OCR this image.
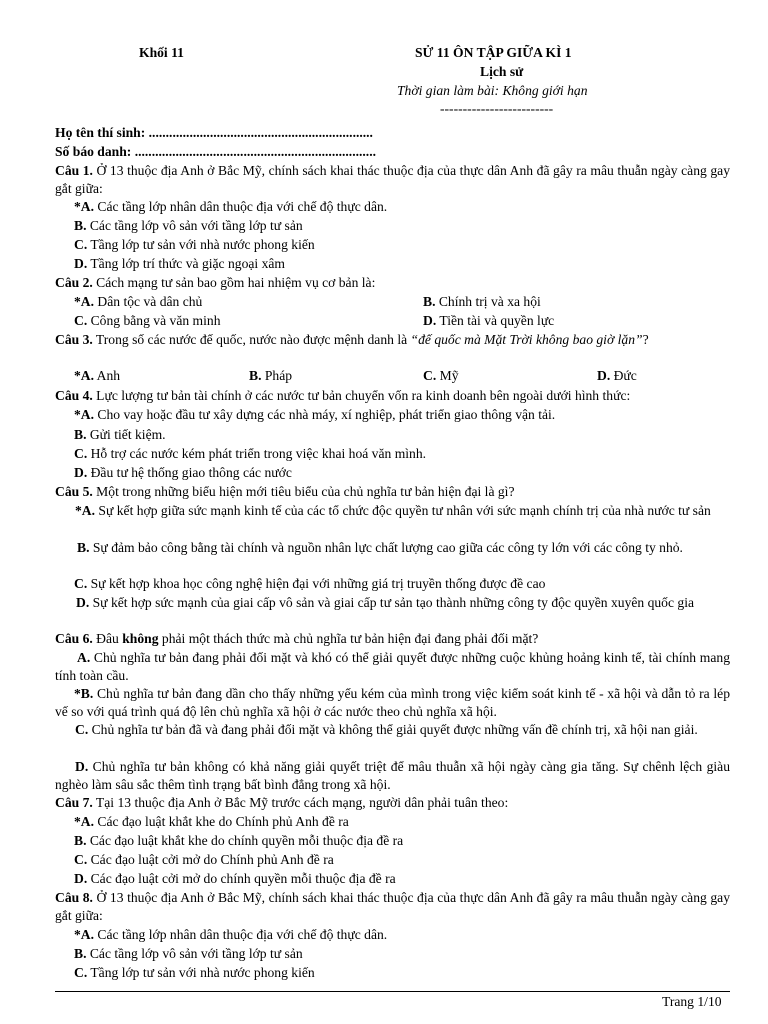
Khối 11	SỬ 11 ÔN TẬP GIỮA KÌ 1
Lịch sử
Thời gian làm bài: Không giới hạn
-------------------------
Họ tên thí sinh: ..................................................................
Số báo danh: .......................................................................
Câu 1. Ở 13 thuộc địa Anh ở Bắc Mỹ, chính sách khai thác thuộc địa của thực dân Anh đã gây ra mâu thuẫn ngày càng gay gắt giữa:
*A. Các tầng lớp nhân dân thuộc địa với chế độ thực dân.
B. Các tầng lớp vô sản với tầng lớp tư sản
C. Tầng lớp tư sản với nhà nước phong kiến
D. Tầng lớp trí thức và giặc ngoại xâm
Câu 2. Cách mạng tư sản bao gồm hai nhiệm vụ cơ bản là:
*A. Dân tộc và dân chủ	B. Chính trị và xa hội
C. Công bằng và văn minh	D. Tiền tài và quyền lực
Câu 3. Trong số các nước đế quốc, nước nào được mệnh danh là “đế quốc mà Mặt Trời không bao giờ lặn”?
*A. Anh	B. Pháp	C. Mỹ	D. Đức
Câu 4. Lực lượng tư bản tài chính ở các nước tư bản chuyển vốn ra kinh doanh bên ngoài dưới hình thức:
*A. Cho vay hoặc đầu tư xây dựng các nhà máy, xí nghiệp, phát triển giao thông vận tải.
B. Gửi tiết kiệm.
C. Hỗ trợ các nước kém phát triển trong việc khai hoá văn mình.
D. Đầu tư hệ thống giao thông các nước
Câu 5. Một trong những biểu hiện mới tiêu biểu của chủ nghĩa tư bản hiện đại là gì?
*A. Sự kết hợp giữa sức mạnh kinh tế của các tổ chức độc quyền tư nhân với sức mạnh chính trị của nhà nước tư sản
B. Sự đảm bảo công bằng tài chính và nguồn nhân lực chất lượng cao giữa các công ty lớn với các công ty nhỏ.
C. Sự kết hợp khoa học công nghệ hiện đại với những giá trị truyền thống được đề cao
D. Sự kết hợp sức mạnh của giai cấp vô sản và giai cấp tư sản tạo thành những công ty độc quyền xuyên quốc gia
Câu 6. Đâu không phải một thách thức mà chủ nghĩa tư bản hiện đại đang phải đối mặt?
A. Chủ nghĩa tư bản đang phải đối mặt và khó có thể giải quyết được những cuộc khủng hoảng kinh tế, tài chính mang tính toàn cầu.
*B. Chủ nghĩa tư bản đang dần cho thấy những yếu kém của mình trong việc kiểm soát kinh tế - xã hội và dẫn tỏ ra lép vế so với quá trình quá độ lên chủ nghĩa xã hội ở các nước theo chủ nghĩa xã hội.
C. Chủ nghĩa tư bản đã và đang phải đối mặt và không thể giải quyết được những vấn đề chính trị, xã hội nan giải.
D. Chủ nghĩa tư bản không có khả năng giải quyết triệt để mâu thuẫn xã hội ngày càng gia tăng. Sự chênh lệch giàu nghèo làm sâu sắc thêm tình trạng bất bình đẳng trong xã hội.
Câu 7. Tại 13 thuộc địa Anh ở Bắc Mỹ trước cách mạng, người dân phải tuân theo:
*A. Các đạo luật khắt khe do Chính phủ Anh đề ra
B. Các đạo luật khắt khe do chính quyền mỗi thuộc địa đề ra
C. Các đạo luật cởi mở do Chính phủ Anh đề ra
D. Các đạo luật cởi mở do chính quyền mỗi thuộc địa đề ra
Câu 8. Ở 13 thuộc địa Anh ở Bắc Mỹ, chính sách khai thác thuộc địa của thực dân Anh đã gây ra mâu thuẫn ngày càng gay gắt giữa:
*A. Các tầng lớp nhân dân thuộc địa với chế độ thực dân.
B. Các tầng lớp vô sản với tầng lớp tư sản
C. Tầng lớp tư sản với nhà nước phong kiến
Trang 1/10
